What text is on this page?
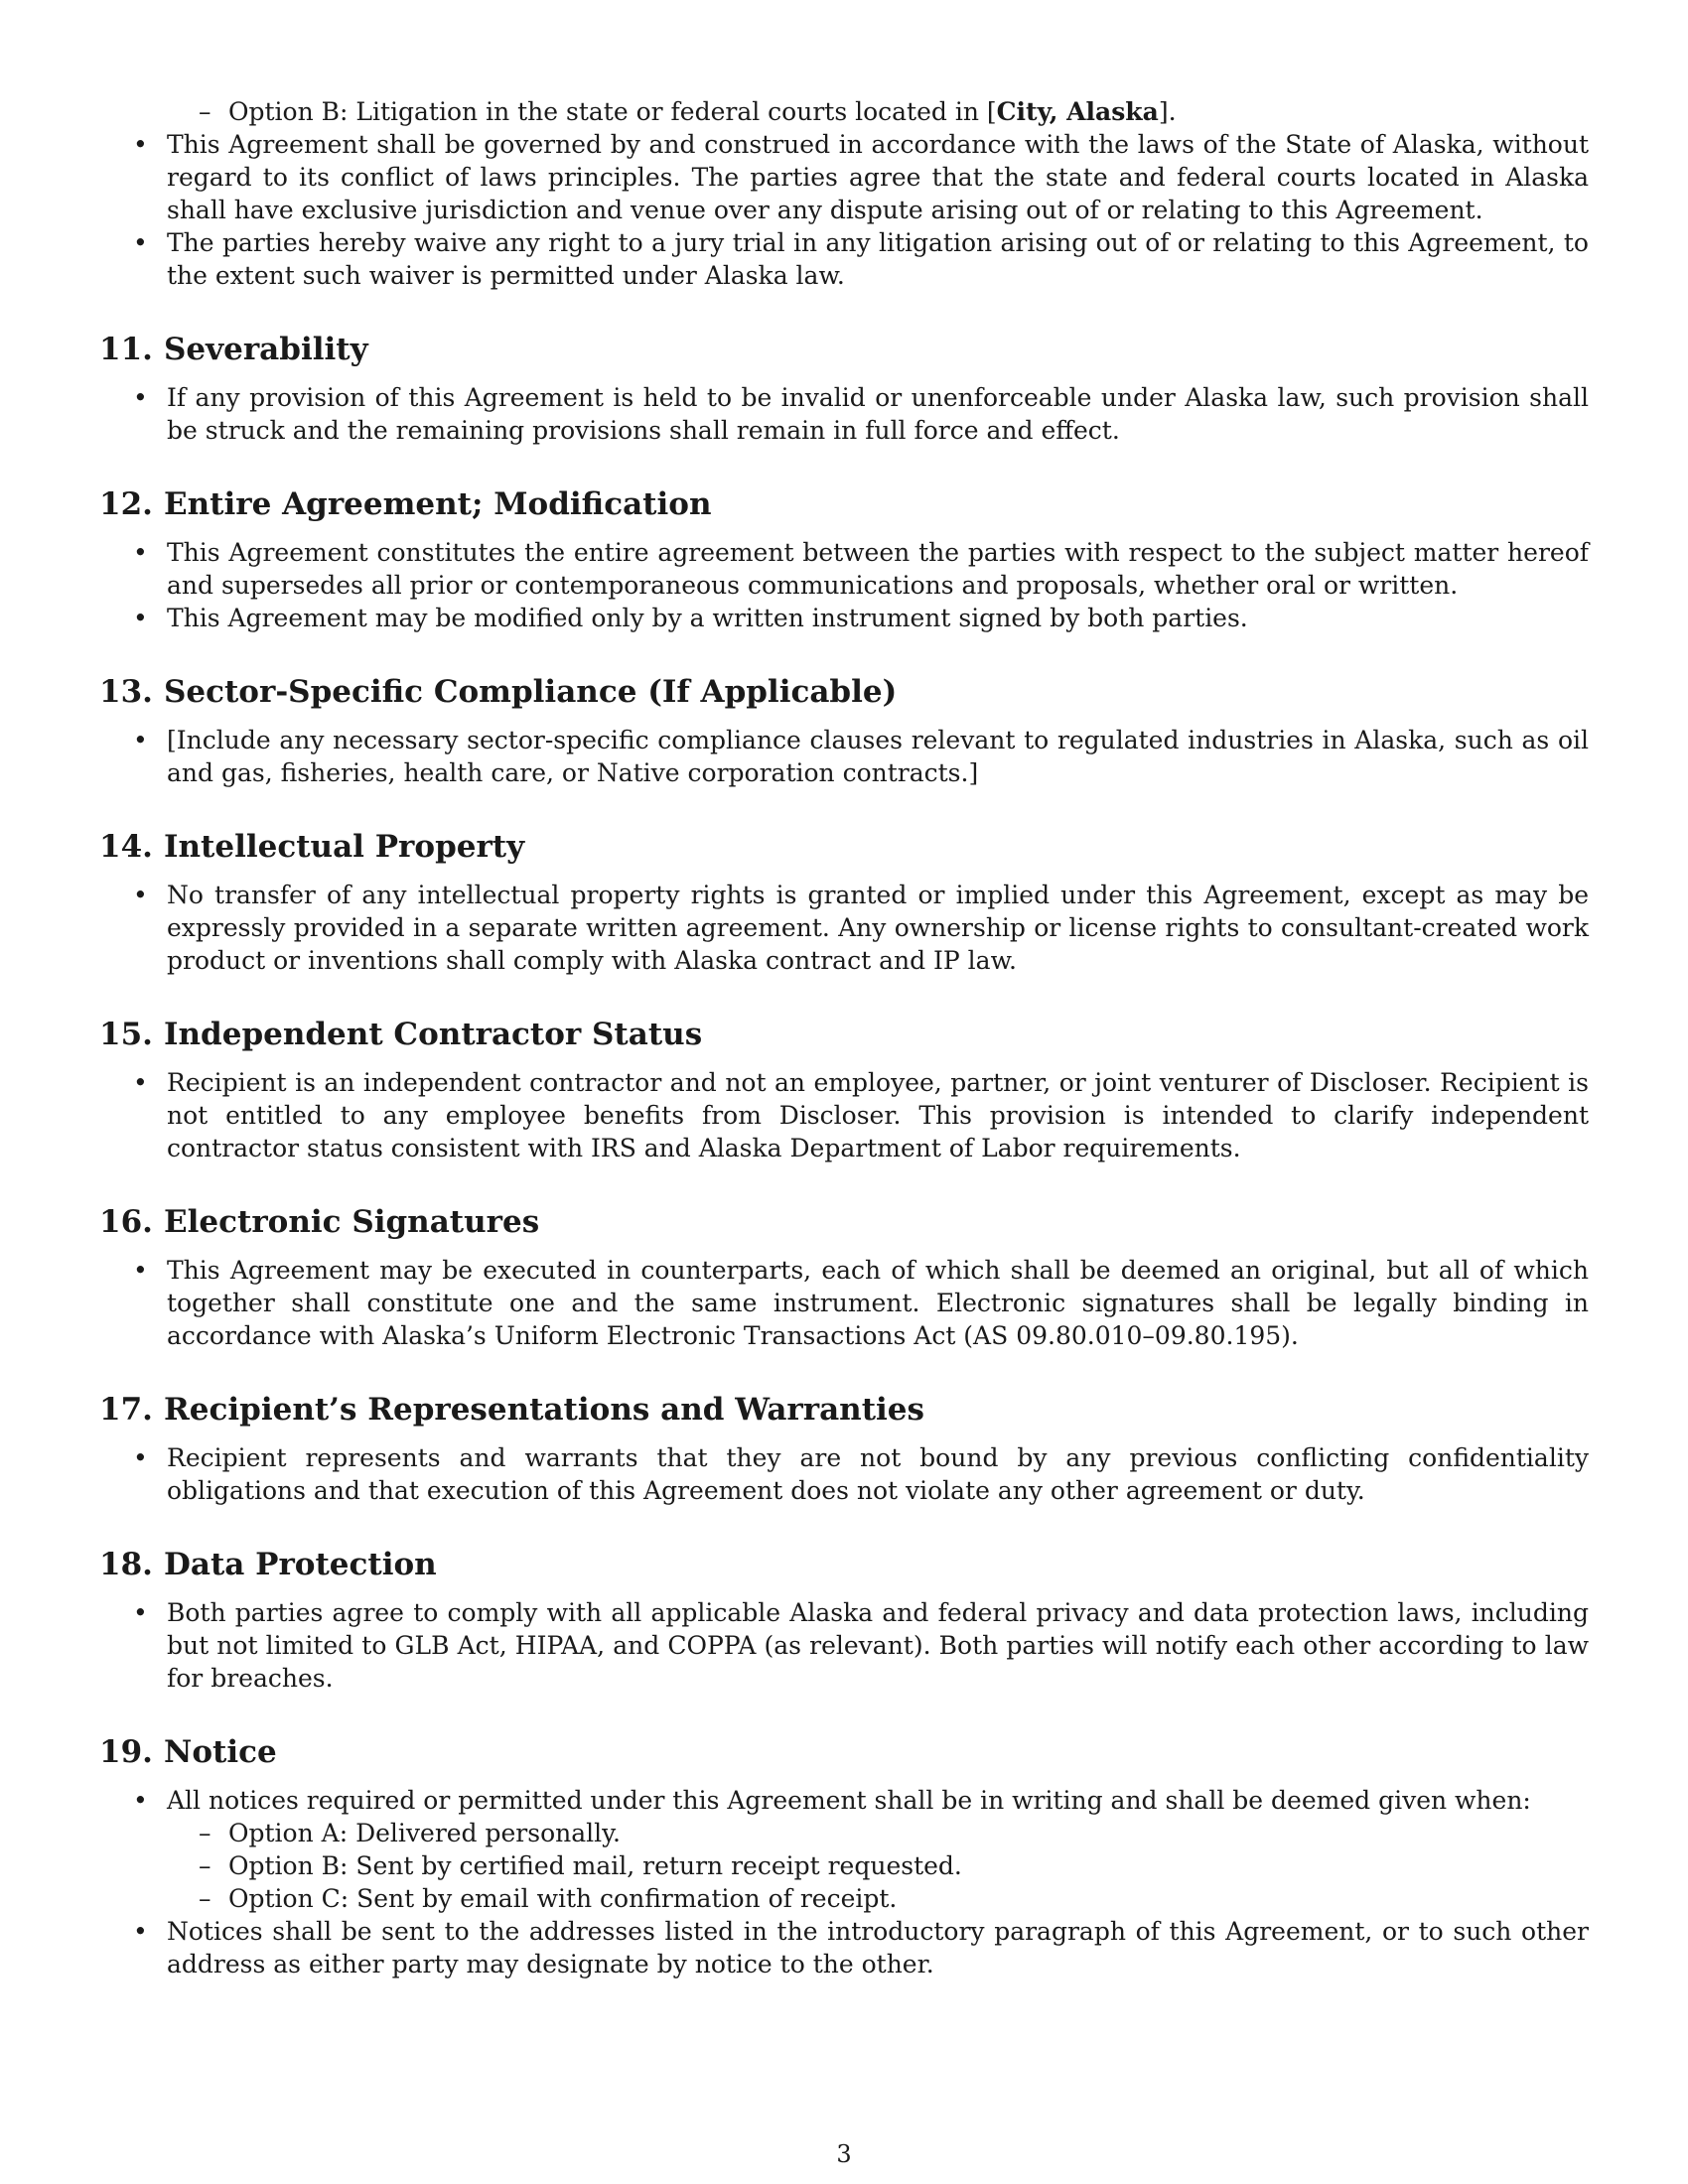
– Option B: Litigation in the state or federal courts located in [City, Alaska].
• This Agreement shall be governed by and construed in accordance with the laws of the State of Alaska, without regard to its conflict of laws principles. The parties agree that the state and federal courts located in Alaska shall have exclusive jurisdiction and venue over any dispute arising out of or relating to this Agreement.
• The parties hereby waive any right to a jury trial in any litigation arising out of or relating to this Agreement, to the extent such waiver is permitted under Alaska law.
11. Severability
• If any provision of this Agreement is held to be invalid or unenforceable under Alaska law, such provision shall be struck and the remaining provisions shall remain in full force and effect.
12. Entire Agreement; Modification
• This Agreement constitutes the entire agreement between the parties with respect to the subject matter hereof and supersedes all prior or contemporaneous communications and proposals, whether oral or written.
• This Agreement may be modified only by a written instrument signed by both parties.
13. Sector-Specific Compliance (If Applicable)
• [Include any necessary sector-specific compliance clauses relevant to regulated industries in Alaska, such as oil and gas, fisheries, health care, or Native corporation contracts.]
14. Intellectual Property
• No transfer of any intellectual property rights is granted or implied under this Agreement, except as may be expressly provided in a separate written agreement. Any ownership or license rights to consultant-created work product or inventions shall comply with Alaska contract and IP law.
15. Independent Contractor Status
• Recipient is an independent contractor and not an employee, partner, or joint venturer of Discloser. Recipient is not entitled to any employee benefits from Discloser. This provision is intended to clarify independent contractor status consistent with IRS and Alaska Department of Labor requirements.
16. Electronic Signatures
• This Agreement may be executed in counterparts, each of which shall be deemed an original, but all of which together shall constitute one and the same instrument. Electronic signatures shall be legally binding in accordance with Alaska’s Uniform Electronic Transactions Act (AS 09.80.010–09.80.195).
17. Recipient’s Representations and Warranties
• Recipient represents and warrants that they are not bound by any previous conflicting confidentiality obligations and that execution of this Agreement does not violate any other agreement or duty.
18. Data Protection
• Both parties agree to comply with all applicable Alaska and federal privacy and data protection laws, including but not limited to GLB Act, HIPAA, and COPPA (as relevant). Both parties will notify each other according to law for breaches.
19. Notice
• All notices required or permitted under this Agreement shall be in writing and shall be deemed given when:
– Option A: Delivered personally.
– Option B: Sent by certified mail, return receipt requested.
– Option C: Sent by email with confirmation of receipt.
• Notices shall be sent to the addresses listed in the introductory paragraph of this Agreement, or to such other address as either party may designate by notice to the other.
3
